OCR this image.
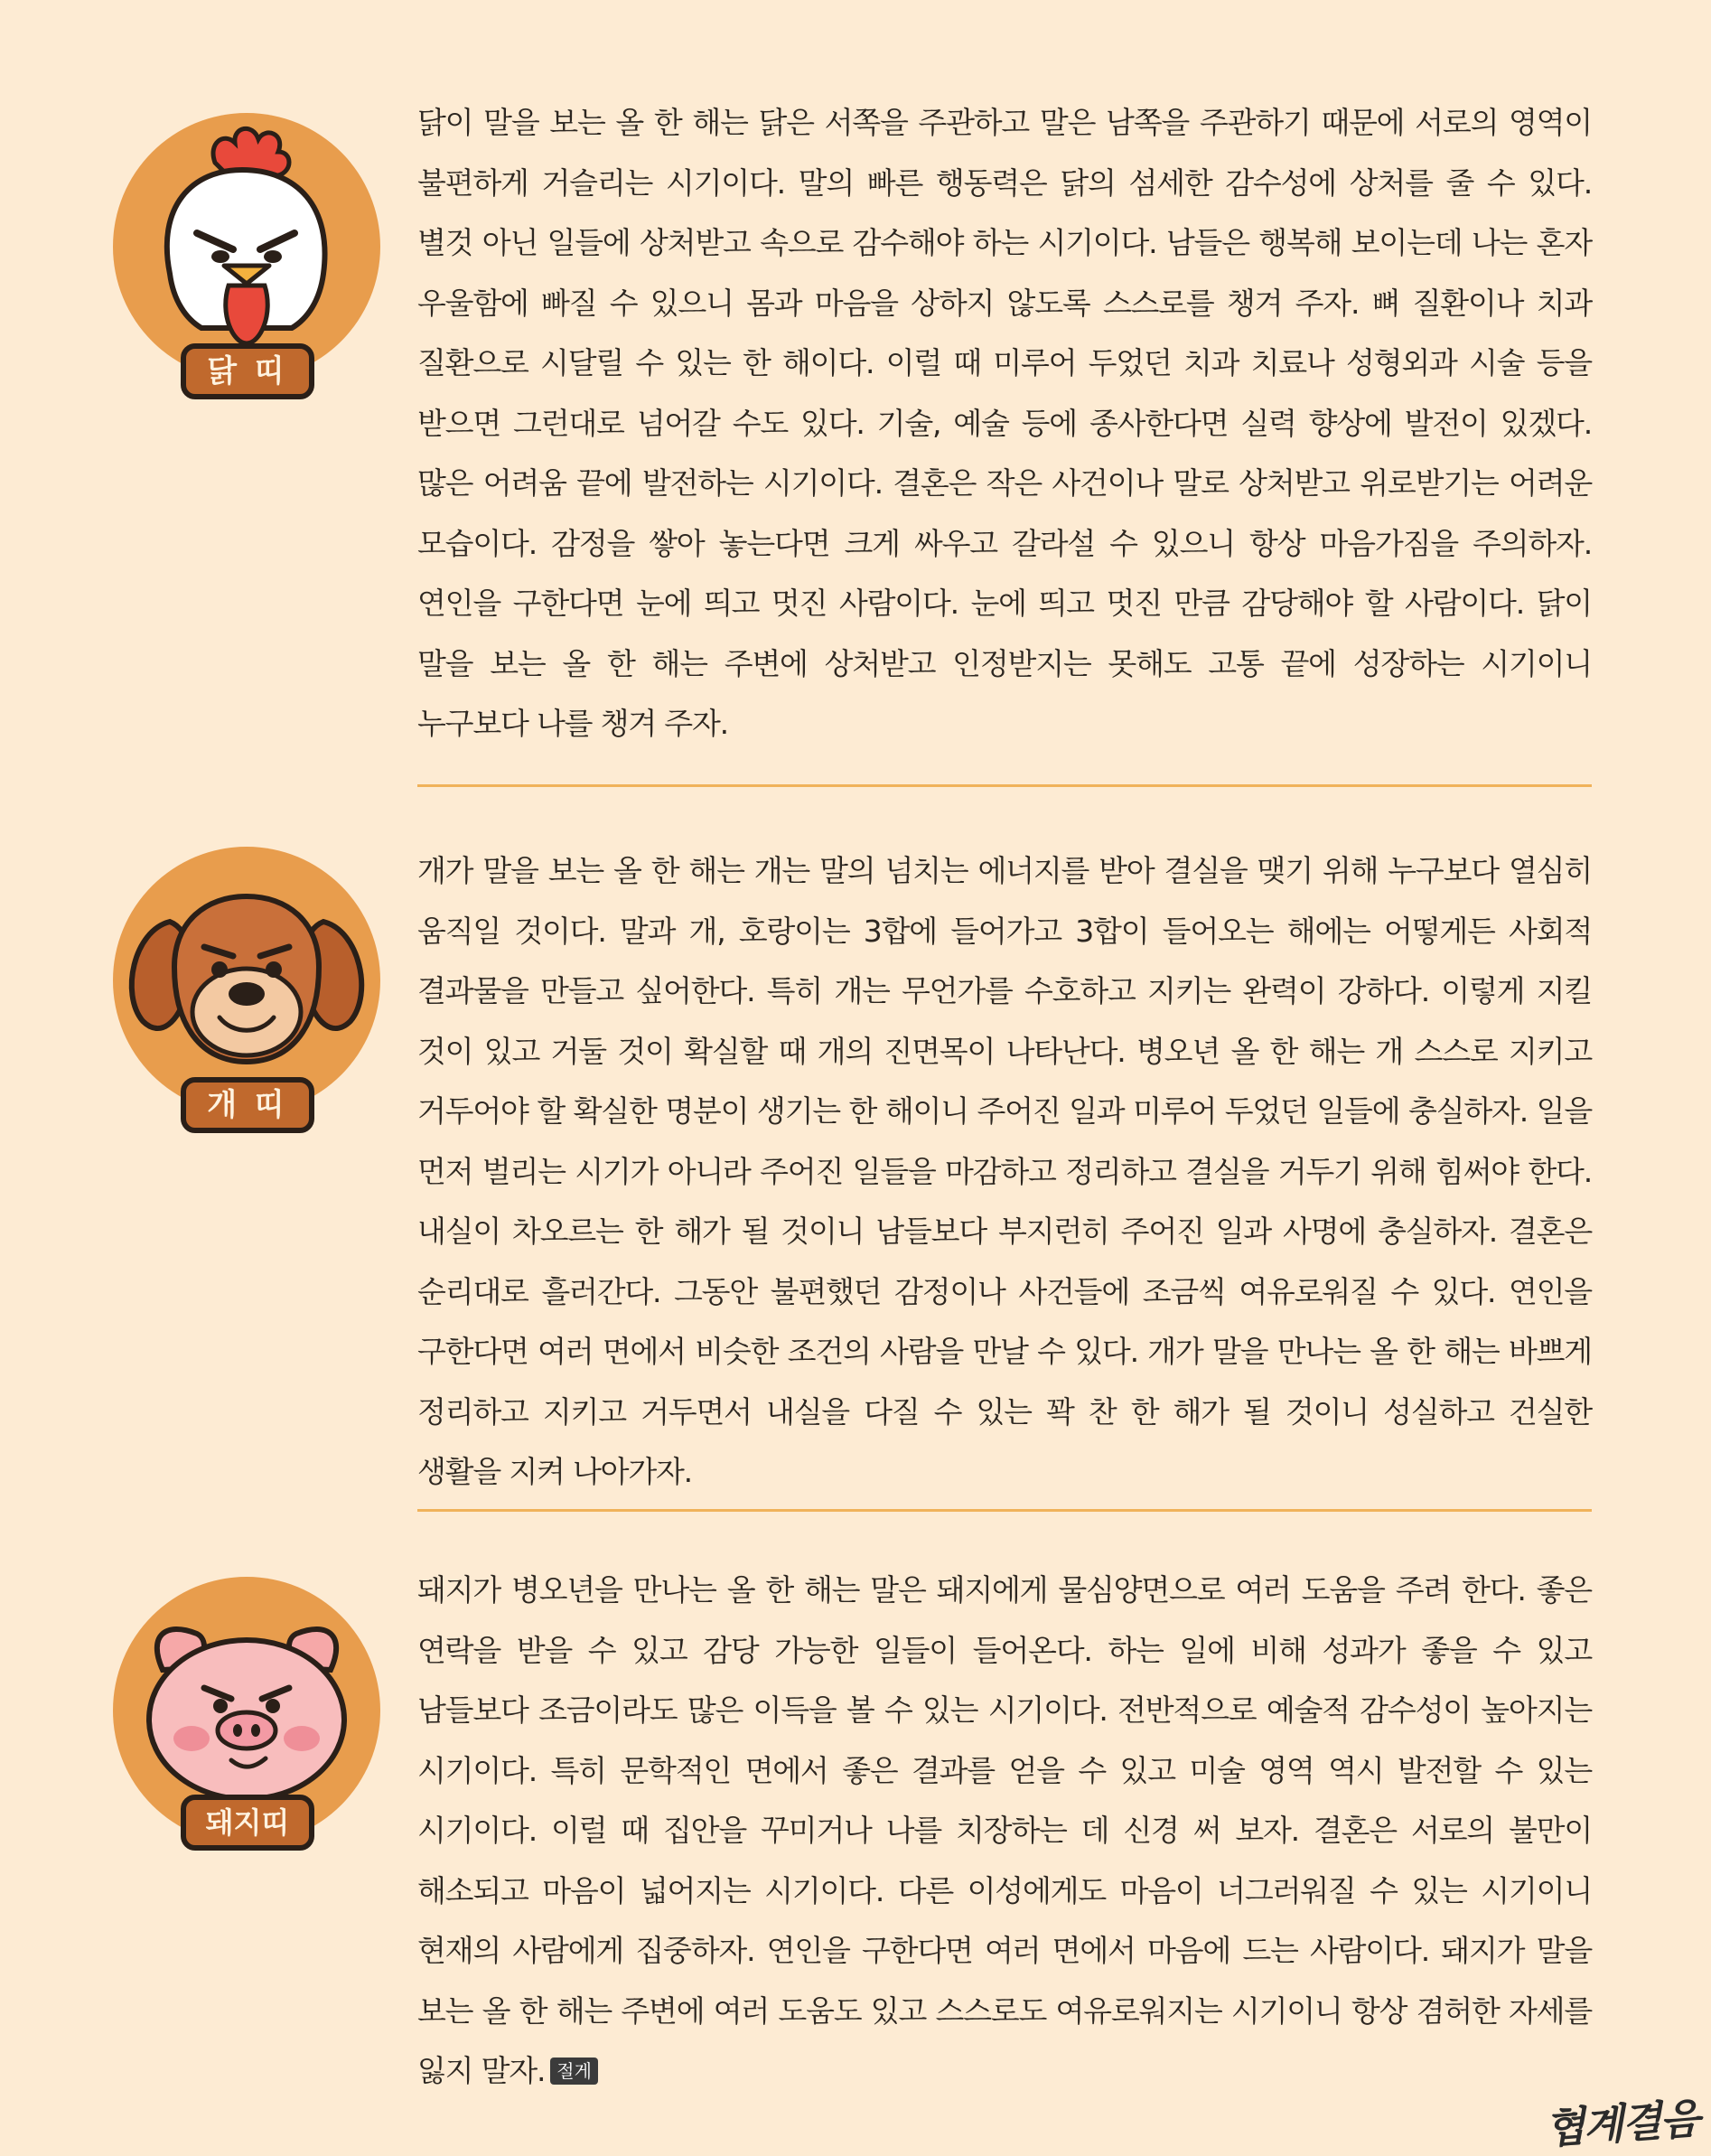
닭 띠

닭이 말을 보는 올 한 해는 닭은 서쪽을 주관하고 말은 남쪽을 주관하기 때문에 서로의 영역이 불편하게 거슬리는 시기이다. 말의 빠른 행동력은 닭의 섬세한 감수성에 상처를 줄 수 있다. 별것 아닌 일들에 상처받고 속으로 감수해야 하는 시기이다. 남들은 행복해 보이는데 나는 혼자 우울함에 빠질 수 있으니 몸과 마음을 상하지 않도록 스스로를 챙겨 주자. 뼈 질환이나 치과 질환으로 시달릴 수 있는 한 해이다. 이럴 때 미루어 두었던 치과 치료나 성형외과 시술 등을 받으면 그런대로 넘어갈 수도 있다. 기술, 예술 등에 종사한다면 실력 향상에 발전이 있겠다. 많은 어려움 끝에 발전하는 시기이다. 결혼은 작은 사건이나 말로 상처받고 위로받기는 어려운 모습이다. 감정을 쌓아 놓는다면 크게 싸우고 갈라설 수 있으니 항상 마음가짐을 주의하자. 연인을 구한다면 눈에 띄고 멋진 사람이다. 눈에 띄고 멋진 만큼 감당해야 할 사람이다. 닭이 말을 보는 올 한 해는 주변에 상처받고 인정받지는 못해도 고통 끝에 성장하는 시기이니 누구보다 나를 챙겨 주자.

개 띠

개가 말을 보는 올 한 해는 개는 말의 넘치는 에너지를 받아 결실을 맺기 위해 누구보다 열심히 움직일 것이다. 말과 개, 호랑이는 3합에 들어가고 3합이 들어오는 해에는 어떻게든 사회적 결과물을 만들고 싶어한다. 특히 개는 무언가를 수호하고 지키는 완력이 강하다. 이렇게 지킬 것이 있고 거둘 것이 확실할 때 개의 진면목이 나타난다. 병오년 올 한 해는 개 스스로 지키고 거두어야 할 확실한 명분이 생기는 한 해이니 주어진 일과 미루어 두었던 일들에 충실하자. 일을 먼저 벌리는 시기가 아니라 주어진 일들을 마감하고 정리하고 결실을 거두기 위해 힘써야 한다. 내실이 차오르는 한 해가 될 것이니 남들보다 부지런히 주어진 일과 사명에 충실하자. 결혼은 순리대로 흘러간다. 그동안 불편했던 감정이나 사건들에 조금씩 여유로워질 수 있다. 연인을 구한다면 여러 면에서 비슷한 조건의 사람을 만날 수 있다. 개가 말을 만나는 올 한 해는 바쁘게 정리하고 지키고 거두면서 내실을 다질 수 있는 꽉 찬 한 해가 될 것이니 성실하고 건실한 생활을 지켜 나아가자.

돼지띠

돼지가 병오년을 만나는 올 한 해는 말은 돼지에게 물심양면으로 여러 도움을 주려 한다. 좋은 연락을 받을 수 있고 감당 가능한 일들이 들어온다. 하는 일에 비해 성과가 좋을 수 있고 남들보다 조금이라도 많은 이득을 볼 수 있는 시기이다. 전반적으로 예술적 감수성이 높아지는 시기이다. 특히 문학적인 면에서 좋은 결과를 얻을 수 있고 미술 영역 역시 발전할 수 있는 시기이다. 이럴 때 집안을 꾸미거나 나를 치장하는 데 신경 써 보자. 결혼은 서로의 불만이 해소되고 마음이 넓어지는 시기이다. 다른 이성에게도 마음이 너그러워질 수 있는 시기이니 현재의 사람에게 집중하자. 연인을 구한다면 여러 면에서 마음에 드는 사람이다. 돼지가 말을 보는 올 한 해는 주변에 여러 도움도 있고 스스로도 여유로워지는 시기이니 항상 겸허한 자세를 잃지 말자. 절게

협계결음
